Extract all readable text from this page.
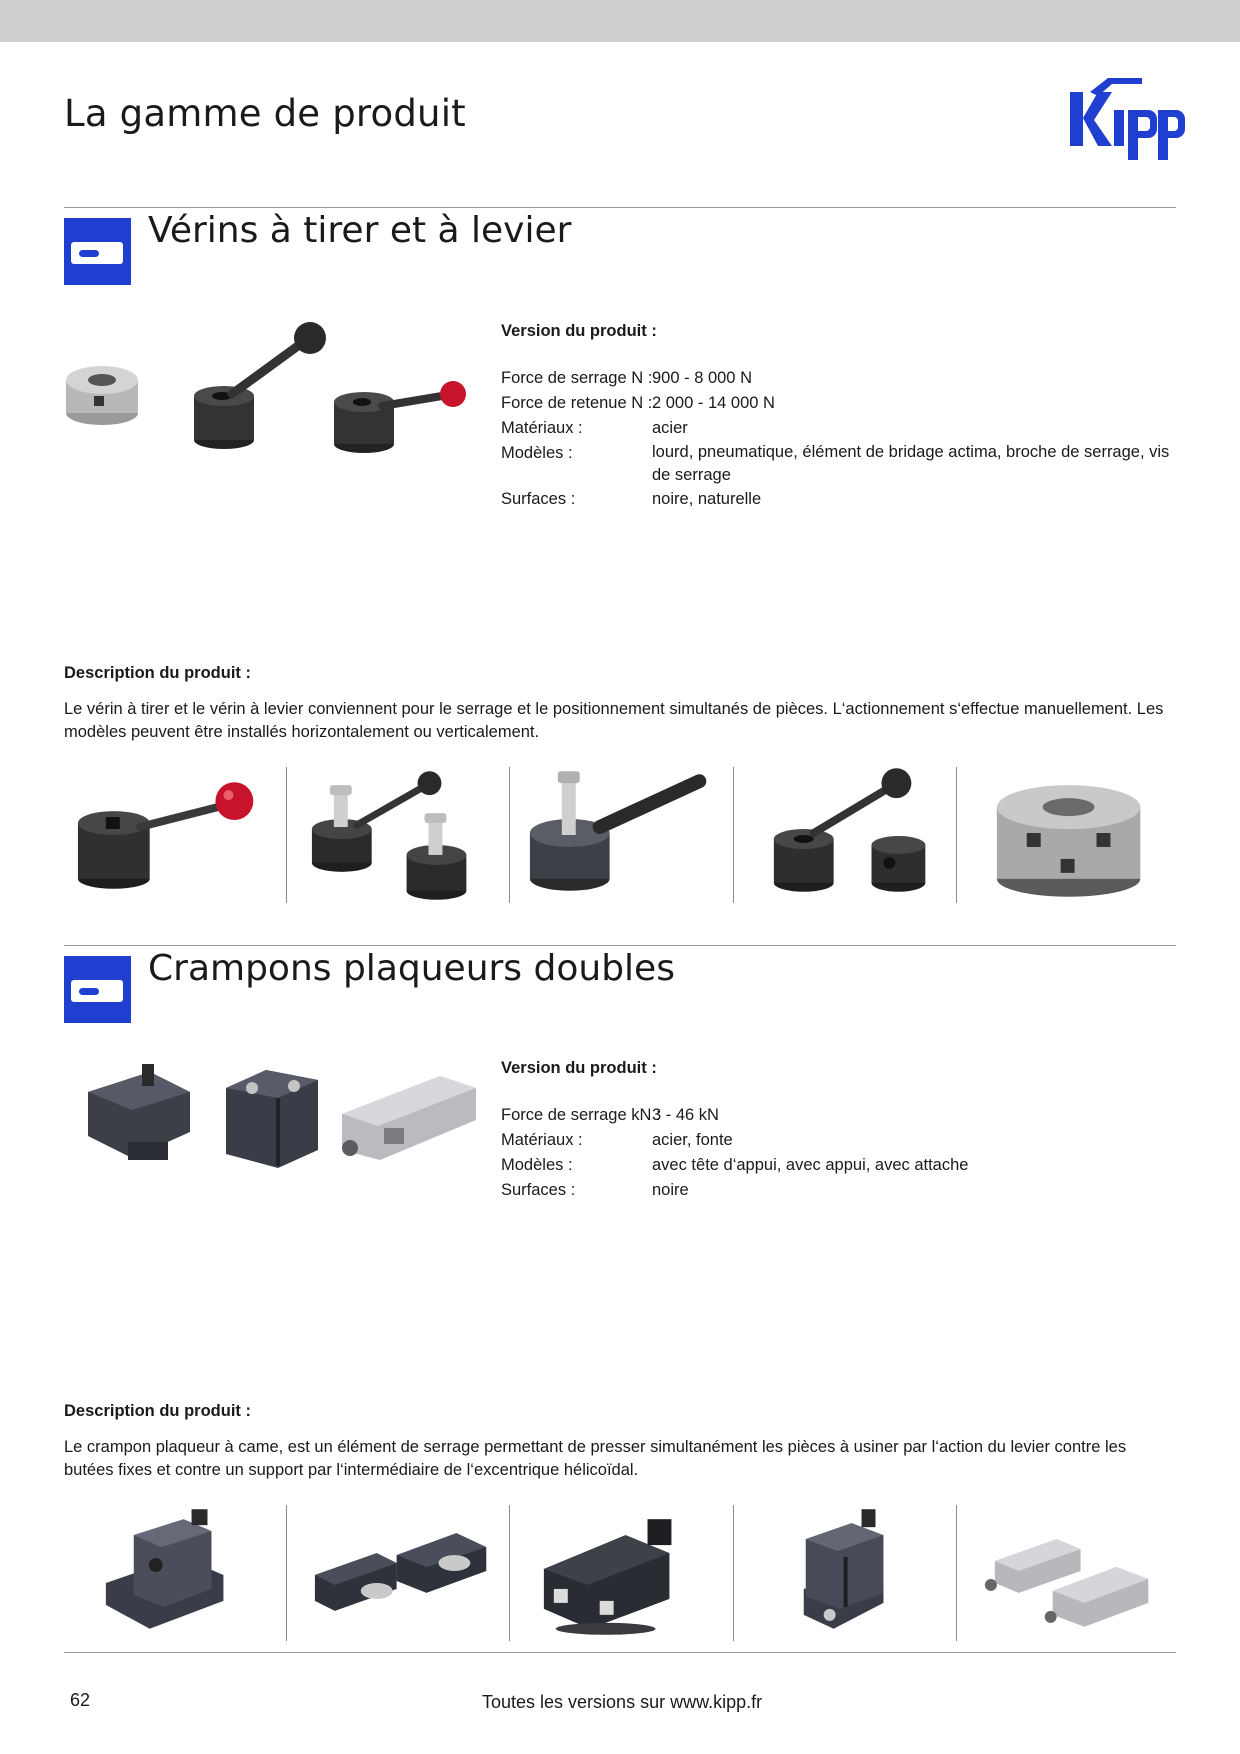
La gamme de produit
Vérins à tirer et à levier
Version du produit :
Force de serrage N : 900 - 8 000 N
Force de retenue N : 2 000 - 14 000 N
Matériaux :	acier
Modèles :	lourd, pneumatique, élément de bridage actima, broche de serrage, vis de serrage
Surfaces :	noire, naturelle
Description du produit :
Le vérin à tirer et le vérin à levier conviennent pour le serrage et le positionnement simultanés de pièces. L‘actionnement s‘effectue manuellement. Les modèles peuvent être installés horizontalement ou verticalement.
Crampons plaqueurs doubles
Version du produit :
Force de serrage kN :
3 - 46 kN
Matériaux :	acier, fonte
Modèles :	avec tête d‘appui, avec appui, avec attache
Surfaces :	noire
Description du produit :
Le crampon plaqueur à came, est un élément de serrage permettant de presser simultanément les pièces à usiner par l‘action du levier contre les butées fixes et contre un support par l‘intermédiaire de l‘excentrique hélicoïdal.
62	Toutes les versions sur www.kipp.fr
